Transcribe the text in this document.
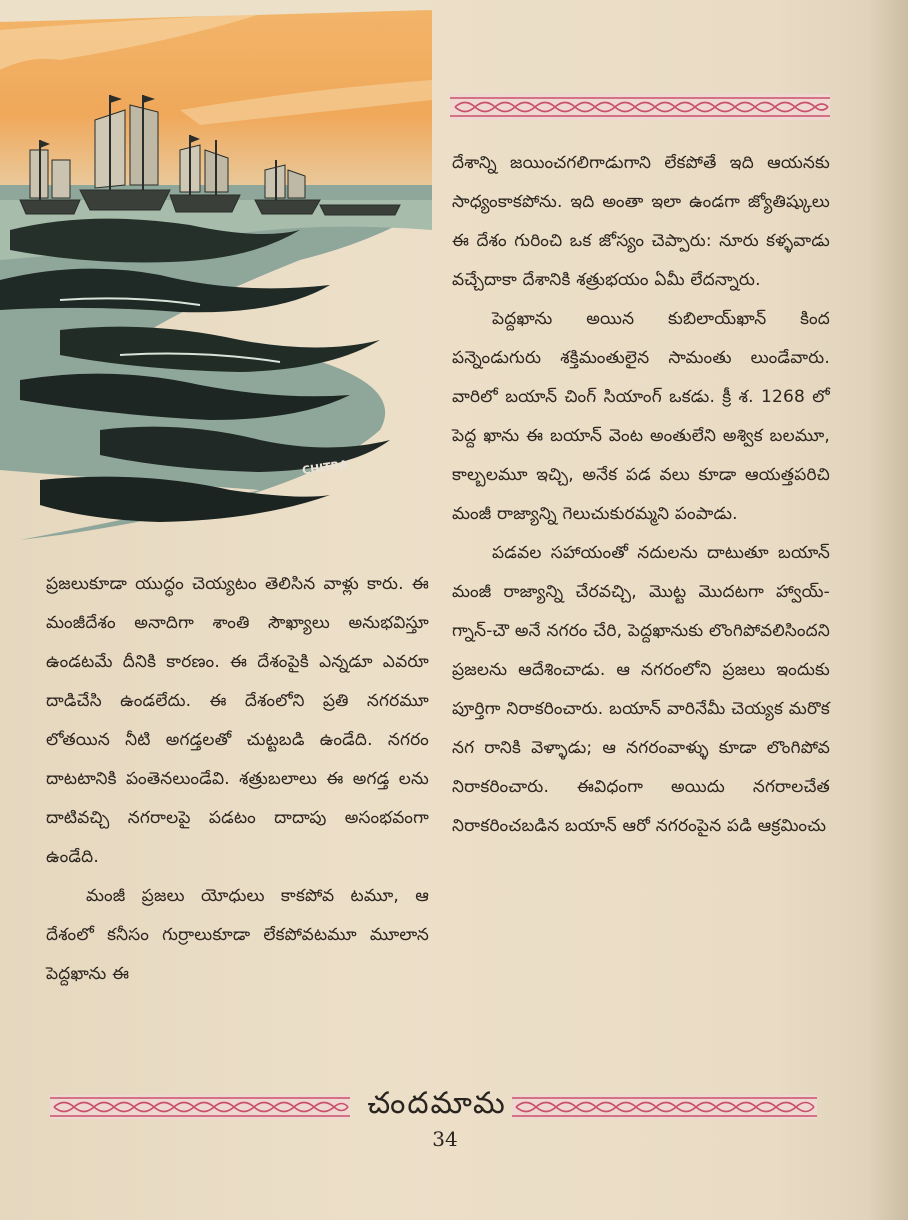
CHITRA

దేశాన్ని జయించగలిగాడుగాని లేకపోతే ఇది ఆయనకు సాధ్యంకాకపోను. ఇది అంతా ఇలా ఉండగా జ్యోతిష్కులు ఈ దేశం గురించి ఒక జోస్యం చెప్పారు: నూరు కళ్ళవాడు వచ్చేదాకా దేశానికి శత్రుభయం ఏమీ లేదన్నారు.

పెద్దఖాను అయిన కుబిలాయ్‌ఖాన్ కింద పన్నెండుగురు శక్తిమంతులైన సామంతు లుండేవారు. వారిలో బయాన్ చింగ్ సియాంగ్ ఒకడు. క్రీ శ. 1268 లో పెద్ద ఖాను ఈ బయాన్ వెంట అంతులేని అశ్విక బలమూ, కాల్బలమూ ఇచ్చి, అనేక పడ వలు కూడా ఆయత్తపరిచి మంజీ రాజ్యాన్ని గెలుచుకురమ్మని పంపాడు.

పడవల సహాయంతో నదులను దాటుతూ బయాన్ మంజీ రాజ్యాన్ని చేరవచ్చి, మొట్ట మొదటగా హ్వాయ్-గ్నాన్-చౌ అనే నగరం చేరి, పెద్దఖానుకు లొంగిపోవలిసిందని ప్రజలను ఆదేశించాడు. ఆ నగరంలోని ప్రజలు ఇందుకు పూర్తిగా నిరాకరించారు. బయాన్ వారినేమీ చెయ్యక మరొక నగ రానికి వెళ్ళాడు; ఆ నగరంవాళ్ళు కూడా లొంగిపోవ నిరాకరించారు. ఈవిధంగా అయిదు నగరాలచేత నిరాకరించబడిన బయాన్ ఆరో నగరంపైన పడి ఆక్రమించు

ప్రజలుకూడా యుద్ధం చెయ్యటం తెలిసిన వాళ్లు కారు. ఈ మంజీదేశం అనాదిగా శాంతి సౌఖ్యాలు అనుభవిస్తూ ఉండటమే దీనికి కారణం. ఈ దేశంపైకి ఎన్నడూ ఎవరూ దాడిచేసి ఉండలేదు. ఈ దేశంలోని ప్రతి నగరమూ లోతయిన నీటి అగడ్తలతో చుట్టబడి ఉండేది. నగరం దాటటానికి పంతెనలుండేవి. శత్రుబలాలు ఈ అగడ్త లను దాటివచ్చి నగరాలపై పడటం దాదాపు అసంభవంగా ఉండేది.

మంజీ ప్రజలు యోధులు కాకపోవ టమూ, ఆ దేశంలో కనీసం గుర్రాలుకూడా లేకపోవటమూ మూలాన పెద్దఖాను ఈ

చందమామ
34
